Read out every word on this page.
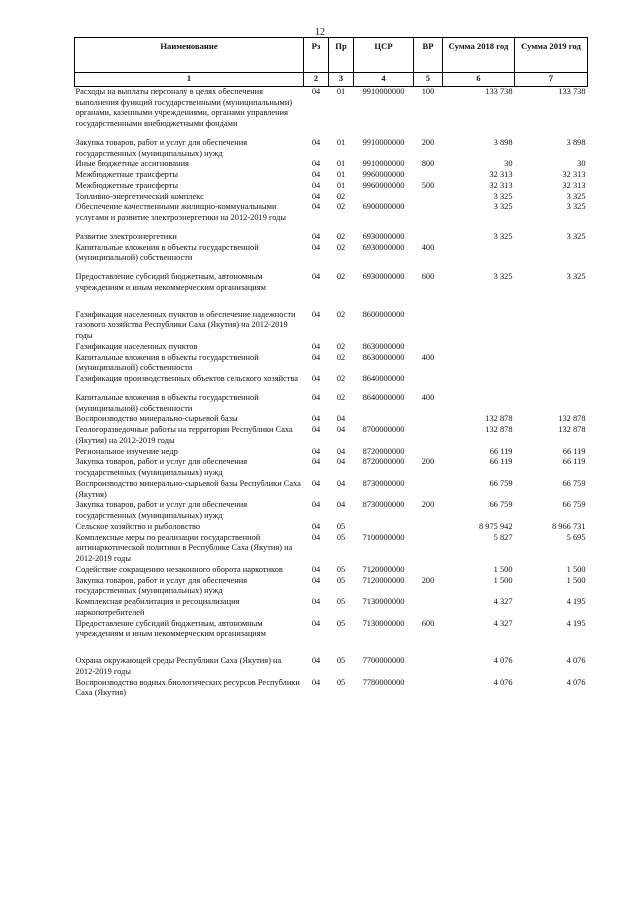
12
Наименование	Рз	Пр	ЦСР	ВР	Сумма 2018 год	Сумма 2019 год
1	2	3	4	5	6	7
Расходы на выплаты персоналу в целях обеспечения выполнения функций государственными (муниципальными) органами, казенными учреждениями, органами управления государственными внебюджетными фондами	04	01	9910000000	100	133 738	133 738

Закупка товаров, работ и услуг для обеспечения государственных (муниципальных) нужд	04	01	9910000000	200	3 898	3 898
Иные бюджетные ассигнования	04	01	9910000000	800	30	30
Межбюджетные трансферты	04	01	9960000000		32 313	32 313
Межбюджетные трансферты	04	01	9960000000	500	32 313	32 313
Топливно-энергетический комплекс	04	02			3 325	3 325
Обеспечение качественными жилищно-коммунальными услугами и развитие электроэнергетики на 2012-2019 годы	04	02	6900000000		3 325	3 325

Развитие электроэнергетики	04	02	6930000000		3 325	3 325
Капитальные вложения в объекты государственной (муниципальной) собственности	04	02	6930000000	400		

Предоставление субсидий бюджетным, автономным учреждениям и иным некоммерческим организациям	04	02	6930000000	600	3 325	3 325

Газификация населенных пунктов и обеспечение надежности газового хозяйства Республики Саха (Якутия) на 2012-2019 годы	04	02	8600000000			
Газификация населенных пунктов	04	02	8630000000			
Капитальные вложения в объекты государственной (муниципальной) собственности	04	02	8630000000	400		
Газификация производственных объектов сельского хозяйства	04	02	8640000000			

Капитальные вложения в объекты государственной (муниципальной) собственности	04	02	8640000000	400		
Воспроизводство минерально-сырьевой базы	04	04			132 878	132 878
Геологоразведочные работы на территории Республики Саха (Якутия) на 2012-2019 годы	04	04	8700000000		132 878	132 878
Региональное изучение недр	04	04	8720000000		66 119	66 119
Закупка товаров, работ и услуг для обеспечения государственных (муниципальных) нужд	04	04	8720000000	200	66 119	66 119
Воспроизводство минерально-сырьевой базы Республики Саха (Якутия)	04	04	8730000000		66 759	66 759
Закупка товаров, работ и услуг для обеспечения государственных (муниципальных) нужд	04	04	8730000000	200	66 759	66 759
Сельское хозяйство и рыболовство	04	05			8 975 942	8 966 731
Комплексные меры по реализации государственной антинаркотической политики в Республике Саха (Якутия) на 2012-2019 годы	04	05	7100000000		5 827	5 695
Содействие сокращению незаконного оборота наркотиков	04	05	7120000000		1 500	1 500
Закупка товаров, работ и услуг для обеспечения государственных (муниципальных) нужд	04	05	7120000000	200	1 500	1 500
Комплексная реабилитация и ресоциализация наркопотребителей	04	05	7130000000		4 327	4 195
Предоставление субсидий бюджетным, автономным учреждениям и иным некоммерческим организациям	04	05	7130000000	600	4 327	4 195

Охрана окружающей среды Республики Саха (Якутия) на 2012-2019 годы	04	05	7700000000		4 076	4 076
Воспроизводство водных биологических ресурсов Республики Саха (Якутия)	04	05	7780000000		4 076	4 076
